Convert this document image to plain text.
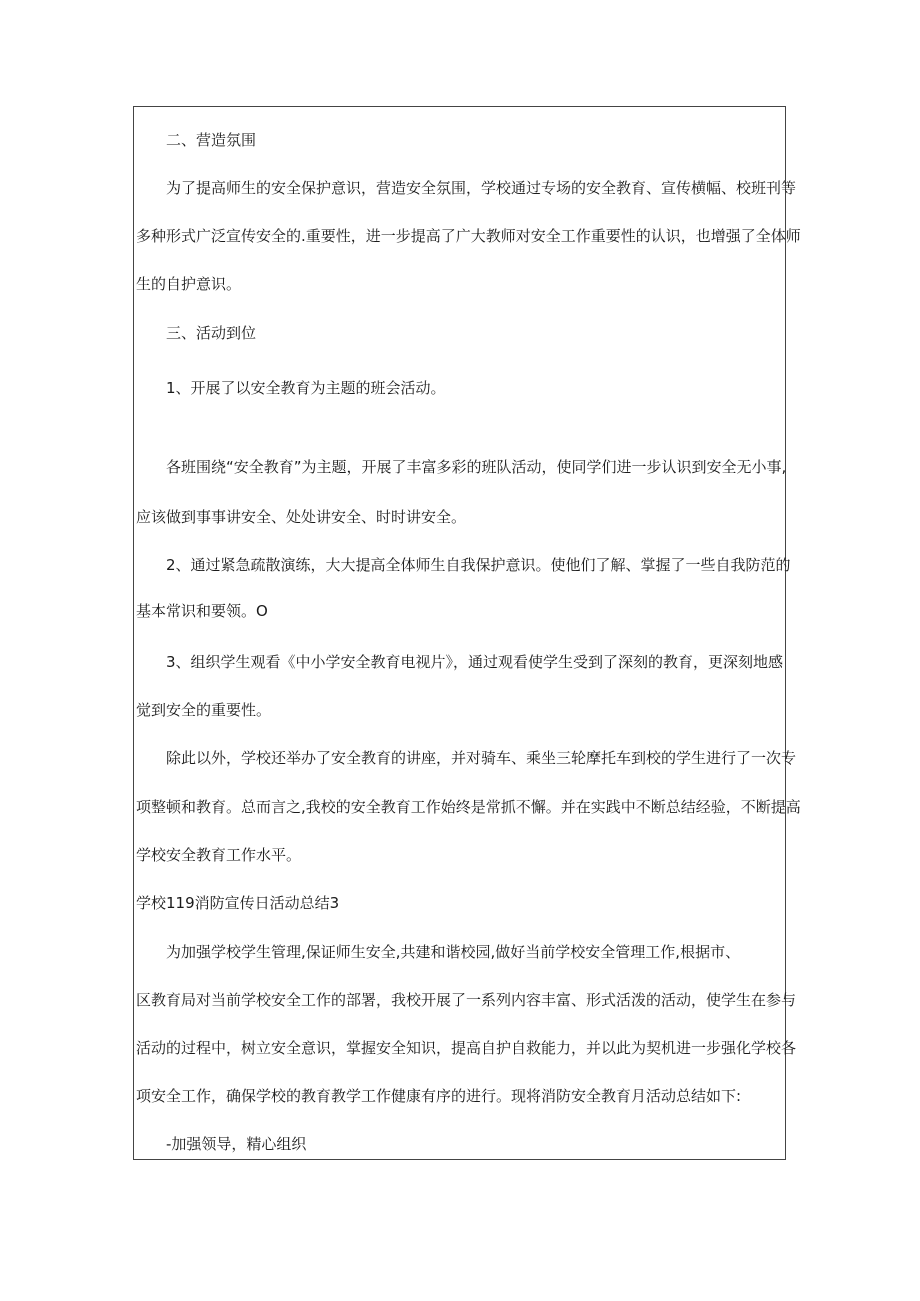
二、营造氛围

为了提高师生的安全保护意识，营造安全氛围，学校通过专场的安全教育、宣传横幅、校班刊等

多种形式广泛宣传安全的.重要性，进一步提高了广大教师对安全工作重要性的认识，也增强了全体师

生的自护意识。

三、活动到位

1、开展了以安全教育为主题的班会活动。

各班围绕“安全教育”为主题，开展了丰富多彩的班队活动，使同学们进一步认识到安全无小事,

应该做到事事讲安全、处处讲安全、时时讲安全。

2、通过紧急疏散演练，大大提高全体师生自我保护意识。使他们了解、掌握了一些自我防范的

基本常识和要领。O

3、组织学生观看《中小学安全教育电视片》，通过观看使学生受到了深刻的教育，更深刻地感

觉到安全的重要性。

除此以外，学校还举办了安全教育的讲座，并对骑车、乘坐三轮摩托车到校的学生进行了一次专

项整顿和教育。总而言之,我校的安全教育工作始终是常抓不懈。并在实践中不断总结经验，不断提高

学校安全教育工作水平。

学校119消防宣传日活动总结3

为加强学校学生管理,保证师生安全,共建和谐校园,做好当前学校安全管理工作,根据市、

区教育局对当前学校安全工作的部署，我校开展了一系列内容丰富、形式活泼的活动，使学生在参与

活动的过程中，树立安全意识，掌握安全知识，提高自护自救能力，并以此为契机进一步强化学校各

项安全工作，确保学校的教育教学工作健康有序的进行。现将消防安全教育月活动总结如下:

-加强领导，精心组织
